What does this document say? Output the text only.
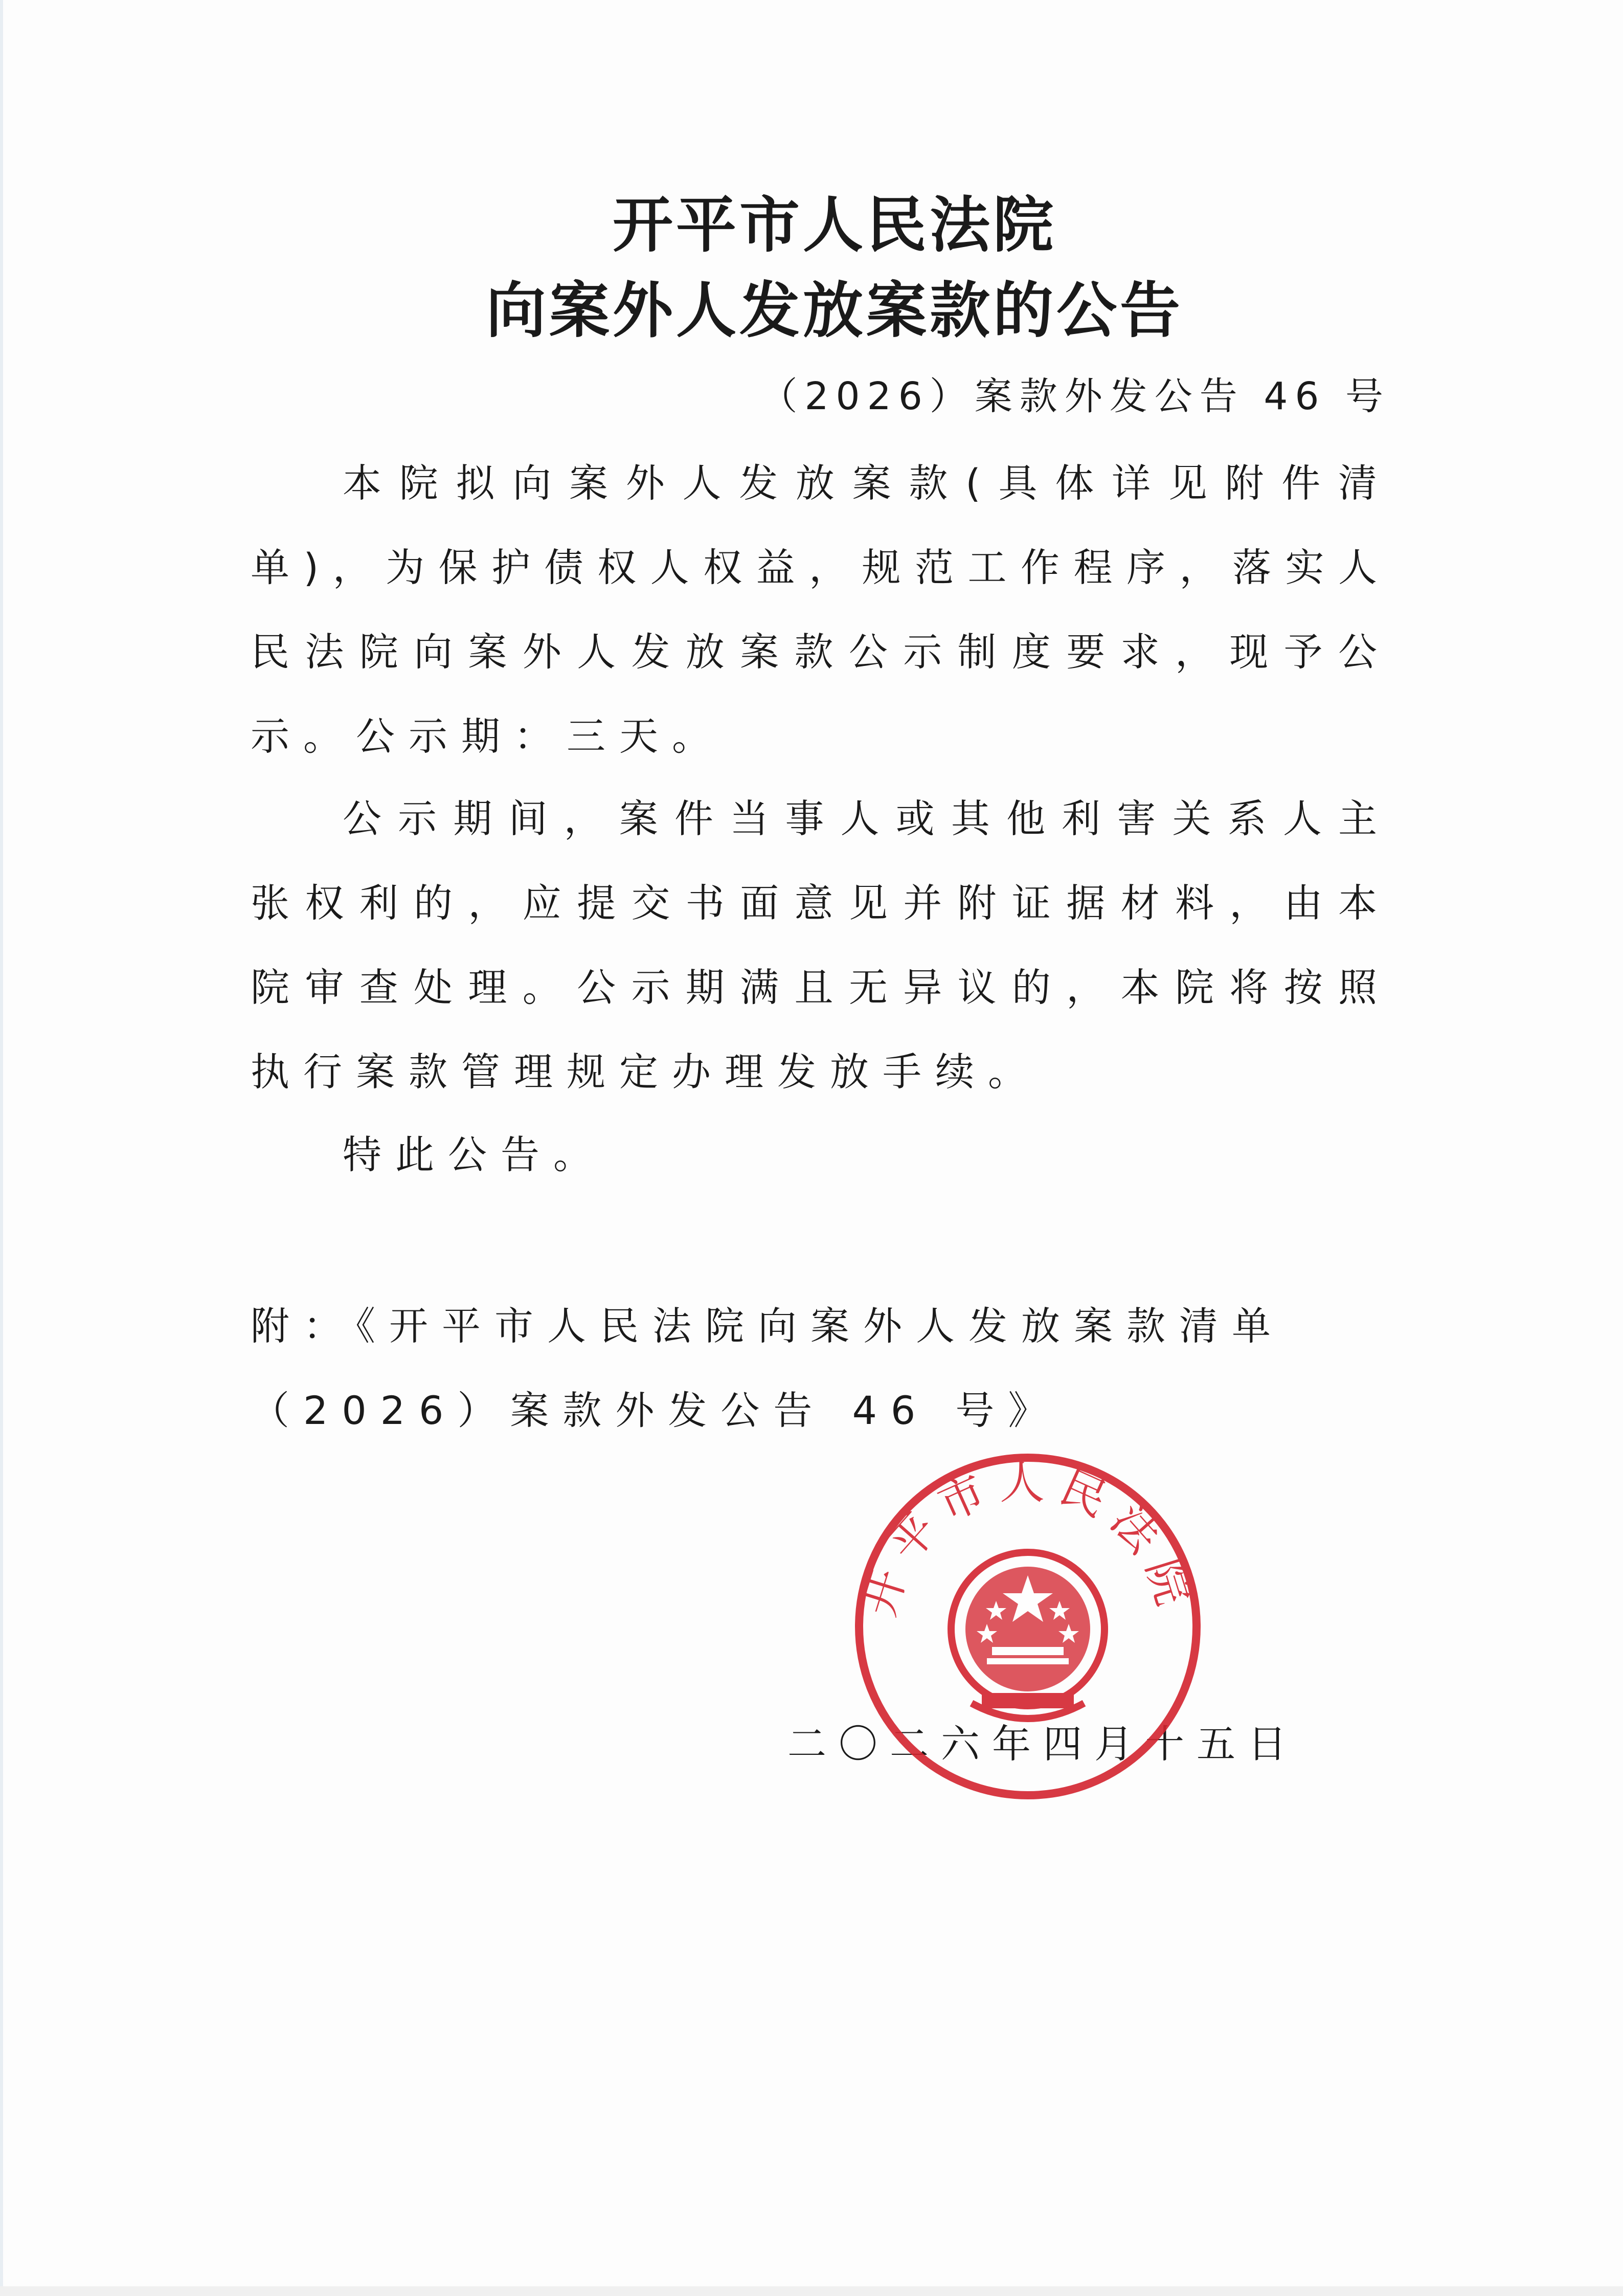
开平市人民法院
向案外人发放案款的公告
（2026）案款外发公告 46 号

本院拟向案外人发放案款(具体详见附件清单)，为保护债权人权益，规范工作程序，落实人民法院向案外人发放案款公示制度要求，现予公示。公示期：三天。

公示期间，案件当事人或其他利害关系人主张权利的，应提交书面意见并附证据材料，由本院审查处理。公示期满且无异议的，本院将按照执行案款管理规定办理发放手续。

特此公告。

附：《开平市人民法院向案外人发放案款清单（2026）案款外发公告 46 号》

二〇二六年四月十五日
开平市人民法院
